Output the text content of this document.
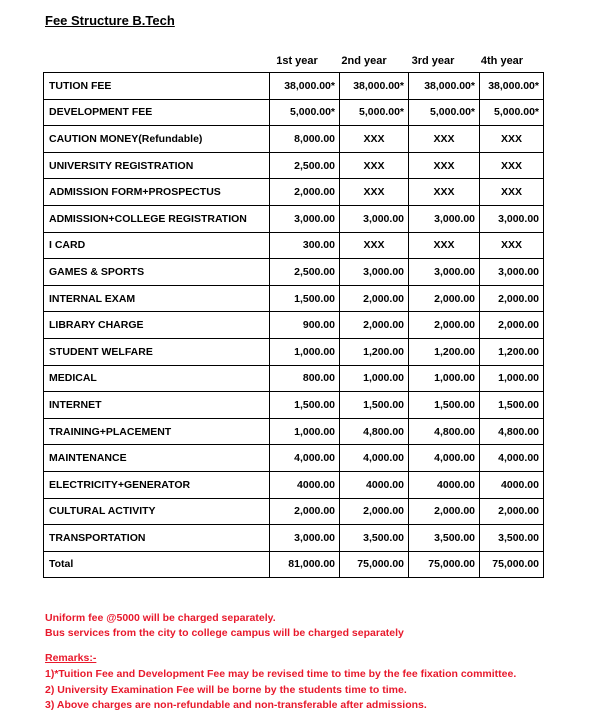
Fee Structure B.Tech
1st year 2nd year 3rd year 4th year
TUTION FEE	38,000.00*	38,000.00*	38,000.00*	38,000.00*
DEVELOPMENT FEE	5,000.00*	5,000.00*	5,000.00*	5,000.00*
CAUTION MONEY(Refundable)	8,000.00	XXX	XXX	XXX
UNIVERSITY REGISTRATION	2,500.00	XXX	XXX	XXX
ADMISSION FORM+PROSPECTUS	2,000.00	XXX	XXX	XXX
ADMISSION+COLLEGE REGISTRATION	3,000.00	3,000.00	3,000.00	3,000.00
I CARD	300.00	XXX	XXX	XXX
GAMES & SPORTS	2,500.00	3,000.00	3,000.00	3,000.00
INTERNAL EXAM	1,500.00	2,000.00	2,000.00	2,000.00
LIBRARY CHARGE	900.00	2,000.00	2,000.00	2,000.00
STUDENT WELFARE	1,000.00	1,200.00	1,200.00	1,200.00
MEDICAL	800.00	1,000.00	1,000.00	1,000.00
INTERNET	1,500.00	1,500.00	1,500.00	1,500.00
TRAINING+PLACEMENT	1,000.00	4,800.00	4,800.00	4,800.00
MAINTENANCE	4,000.00	4,000.00	4,000.00	4,000.00
ELECTRICITY+GENERATOR	4000.00	4000.00	4000.00	4000.00
CULTURAL ACTIVITY	2,000.00	2,000.00	2,000.00	2,000.00
TRANSPORTATION	3,000.00	3,500.00	3,500.00	3,500.00
Total	81,000.00	75,000.00	75,000.00	75,000.00
Uniform fee @5000 will be charged separately.
Bus services from the city to college campus will be charged separately
Remarks:-
1)*Tuition Fee and Development Fee may be revised time to time by the fee fixation committee.
2) University Examination Fee will be borne by the students time to time.
3) Above charges are non-refundable and non-transferable after admissions.
